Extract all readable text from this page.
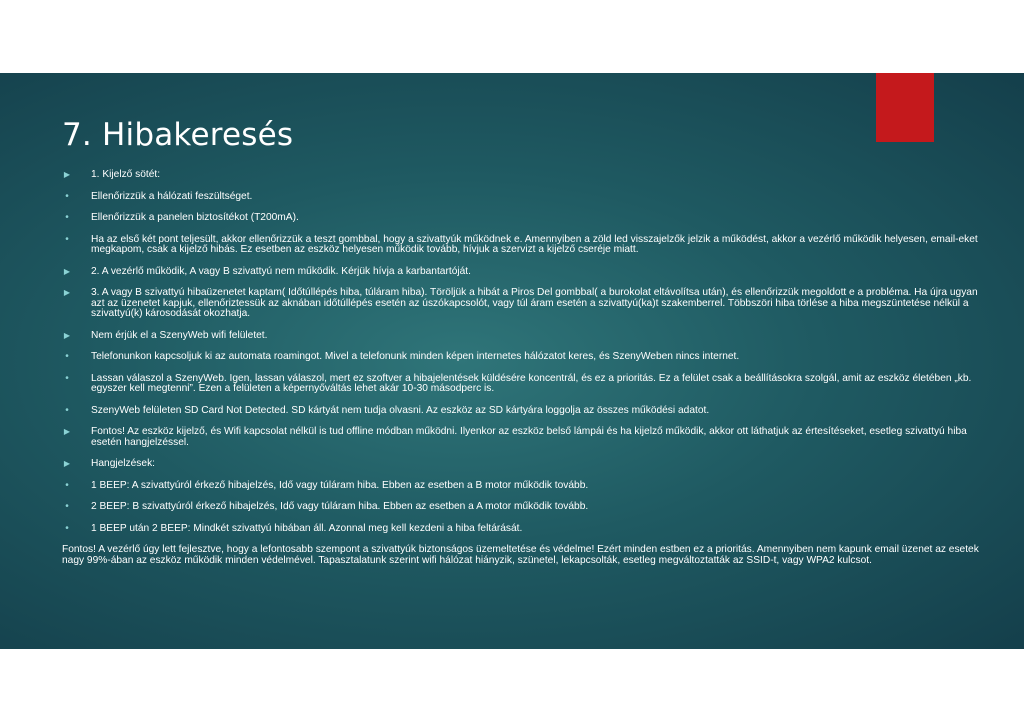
7. Hibakeresés
▶ 1. Kijelző sötét:
•	Ellenőrizzük a hálózati feszültséget.
•	Ellenőrizzük a panelen biztosítékot (T200mA).
•	Ha az első két pont teljesült, akkor ellenőrizzük a teszt gombbal, hogy a szivattyúk működnek e. Amennyiben a zöld led visszajelzők jelzik a működést, akkor a vezérlő működik helyesen, email-eket megkapom, csak a kijelző hibás. Ez esetben az eszköz helyesen működik tovább, hívjuk a szervizt a kijelző cseréje miatt.
▶ 2. A vezérlő működik, A vagy B szivattyú nem működik. Kérjük hívja a karbantartóját.
▶ 3. A vagy B szivattyú hibaüzenetet kaptam( Időtúllépés hiba, túláram hiba). Töröljük a hibát a Piros Del gombbal( a burokolat eltávolítsa után), és ellenőrizzük megoldott e a probléma. Ha újra ugyan azt az üzenetet kapjuk, ellenőriztessük az aknában időtúllépés esetén az úszókapcsolót, vagy túl áram esetén a szivattyú(ka)t szakemberrel. Többszöri hiba törlése a hiba megszüntetése nélkül a szivattyú(k) károsodását okozhatja.
▶ Nem érjük el a SzenyWeb wifi felületet.
•	Telefonunkon kapcsoljuk ki az automata roamingot. Mivel a telefonunk minden képen internetes hálózatot keres, és SzenyWeben nincs internet.
•	Lassan válaszol a SzenyWeb. Igen, lassan válaszol, mert ez szoftver a hibajelentések küldésére koncentrál, és ez a prioritás. Ez a felület csak a beállításokra szolgál, amit az eszköz életében „kb. egyszer kell megtenni”. Ezen a felületen a képernyőváltás lehet akár 10-30 másodperc is.
•	SzenyWeb felületen SD Card Not Detected. SD kártyát nem tudja olvasni. Az eszköz az SD kártyára loggolja az összes működési adatot.
▶ Fontos! Az eszköz kijelző, és Wifi kapcsolat nélkül is tud offline módban működni. Ilyenkor az eszköz belső lámpái és ha kijelző működik, akkor ott láthatjuk az értesítéseket, esetleg szivattyú hiba esetén hangjelzéssel.
▶ Hangjelzések:
•	1 BEEP: A szivattyúról érkező hibajelzés, Idő vagy túláram hiba. Ebben az esetben a B motor működik tovább.
•	2 BEEP: B szivattyúról érkező hibajelzés, Idő vagy túláram hiba. Ebben az esetben a A motor működik tovább.
•	1 BEEP után 2 BEEP: Mindkét szivattyú hibában áll. Azonnal meg kell kezdeni a hiba feltárását.
Fontos! A vezérlő úgy lett fejlesztve, hogy a lefontosabb szempont a szivattyúk biztonságos üzemeltetése és védelme! Ezért minden estben ez a prioritás. Amennyiben nem kapunk email üzenet az esetek nagy 99%-ában az eszköz működik minden védelmével. Tapasztalatunk szerint wifi hálózat hiányzik, szünetel, lekapcsolták, esetleg megváltoztatták az SSID-t, vagy WPA2 kulcsot.
